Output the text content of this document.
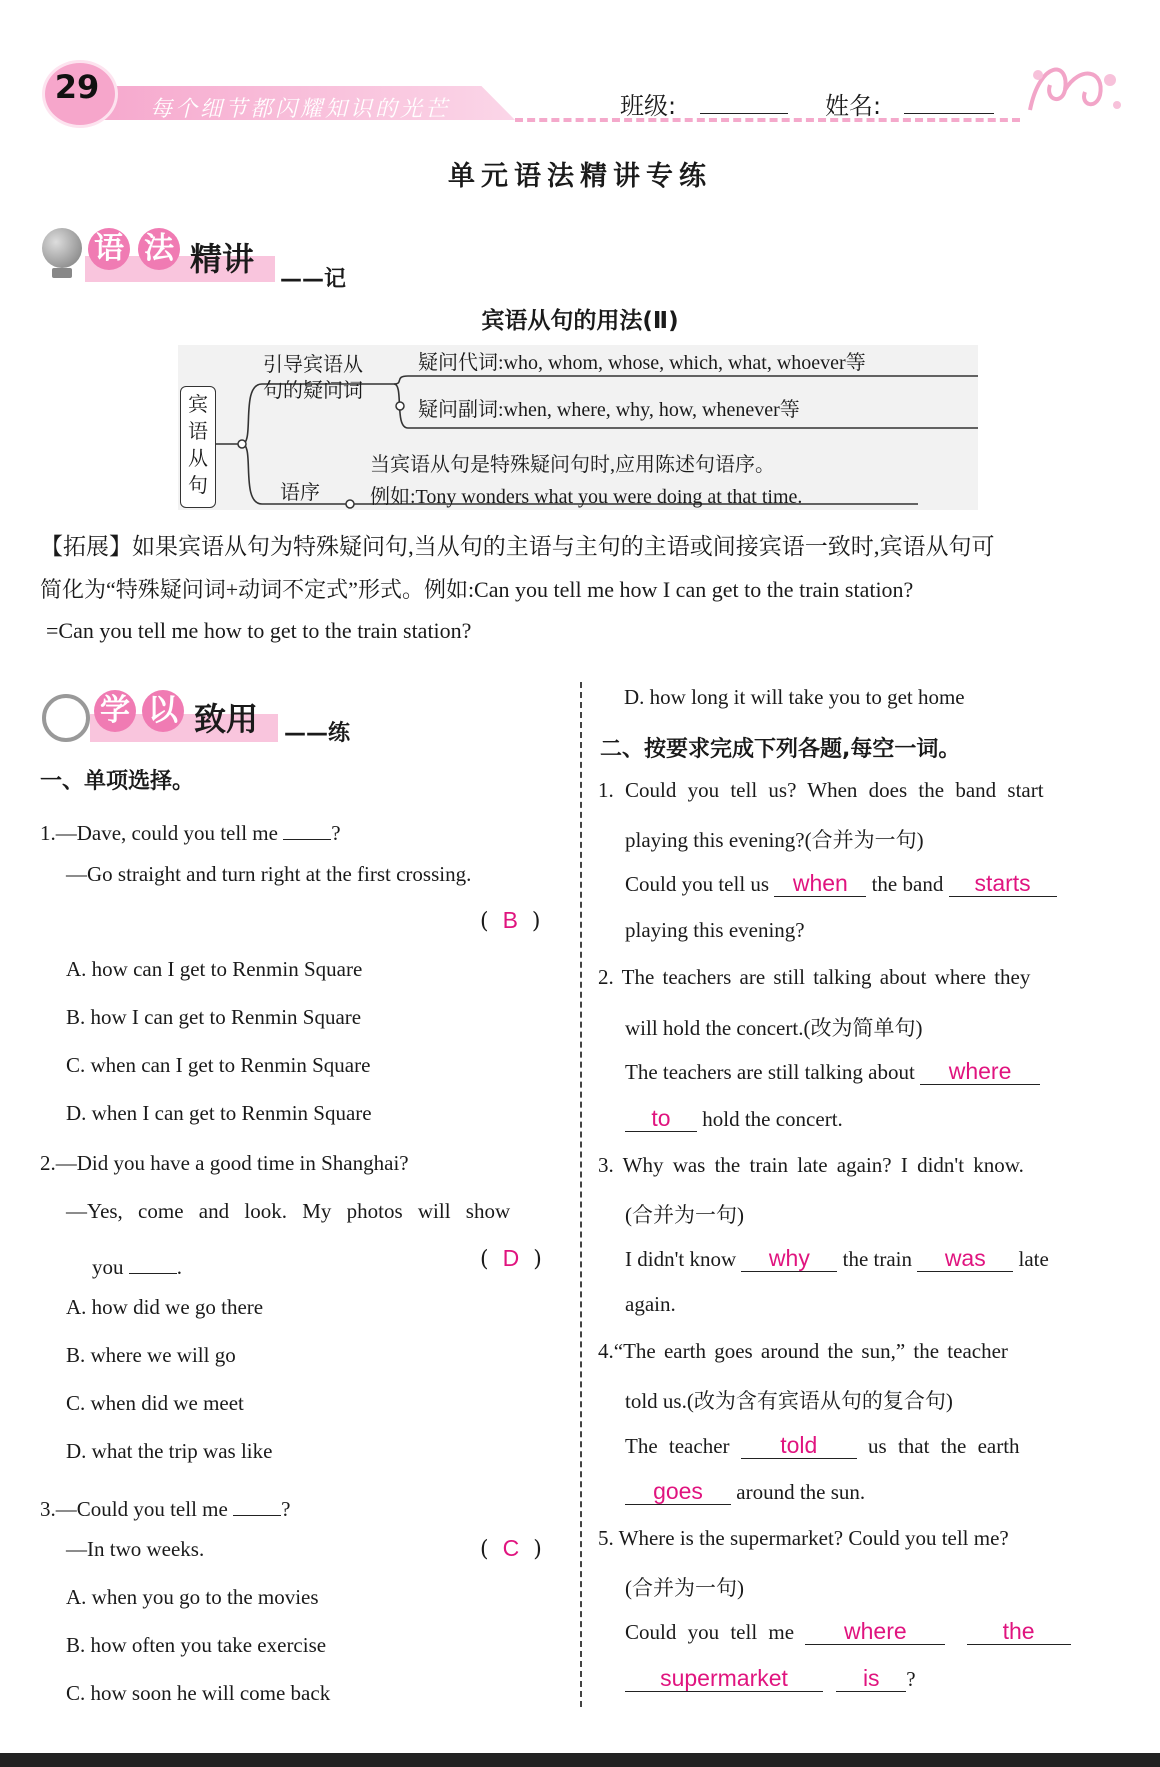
29
每个细节都闪耀知识的光芒	班级:	姓名:
单元语法精讲专练
语 法 精讲
——记
宾语从句的用法(Ⅱ)
宾
语
从
句
引导宾语从
句的疑问词
疑问代词:who, whom, whose, which, what, whoever等
疑问副词:when, where, why, how, whenever等
语序
当宾语从句是特殊疑问句时,应用陈述句语序。
例如:Tony wonders what you were doing at that time.
【拓展】如果宾语从句为特殊疑问句,当从句的主语与主句的主语或间接宾语一致时,宾语从句可
简化为“特殊疑问词+动词不定式”形式。例如:Can you tell me how I can get to the train station?
=Can you tell me how to get to the train station?
学 以 致用 ——练
一、单项选择。
1.—Dave, could you tell me	?
—Go straight and turn right at the first crossing.
(  B  )
A. how can I get to Renmin Square
B. how I can get to Renmin Square
C. when can I get to Renmin Square
D. when I can get to Renmin Square
2.—Did you have a good time in Shanghai?
—Yes, come and look. My photos will show
you	.	(  D  )
A. how did we go there
B. where we will go
C. when did we meet
D. what the trip was like
3.—Could you tell me	?
—In two weeks.	(  C  )
A. when you go to the movies
B. how often you take exercise
C. how soon he will come back
D. how long it will take you to get home
二、按要求完成下列各题,每空一词。
1. Could you tell us? When does the band start
playing this evening?(合并为一句)
Could you tell us when the band starts
playing this evening?
2. The teachers are still talking about where they
will hold the concert.(改为简单句)
The teachers are still talking about where
to hold the concert.
3. Why was the train late again? I didn't know.
(合并为一句)
I didn't know why the train was late
again.
4.“The earth goes around the sun,” the teacher
told us.(改为含有宾语从句的复合句)
The teacher told us that the earth
goes around the sun.
5. Where is the supermarket? Could you tell me?
(合并为一句)
Could you tell me where	the
supermarket	is ?
